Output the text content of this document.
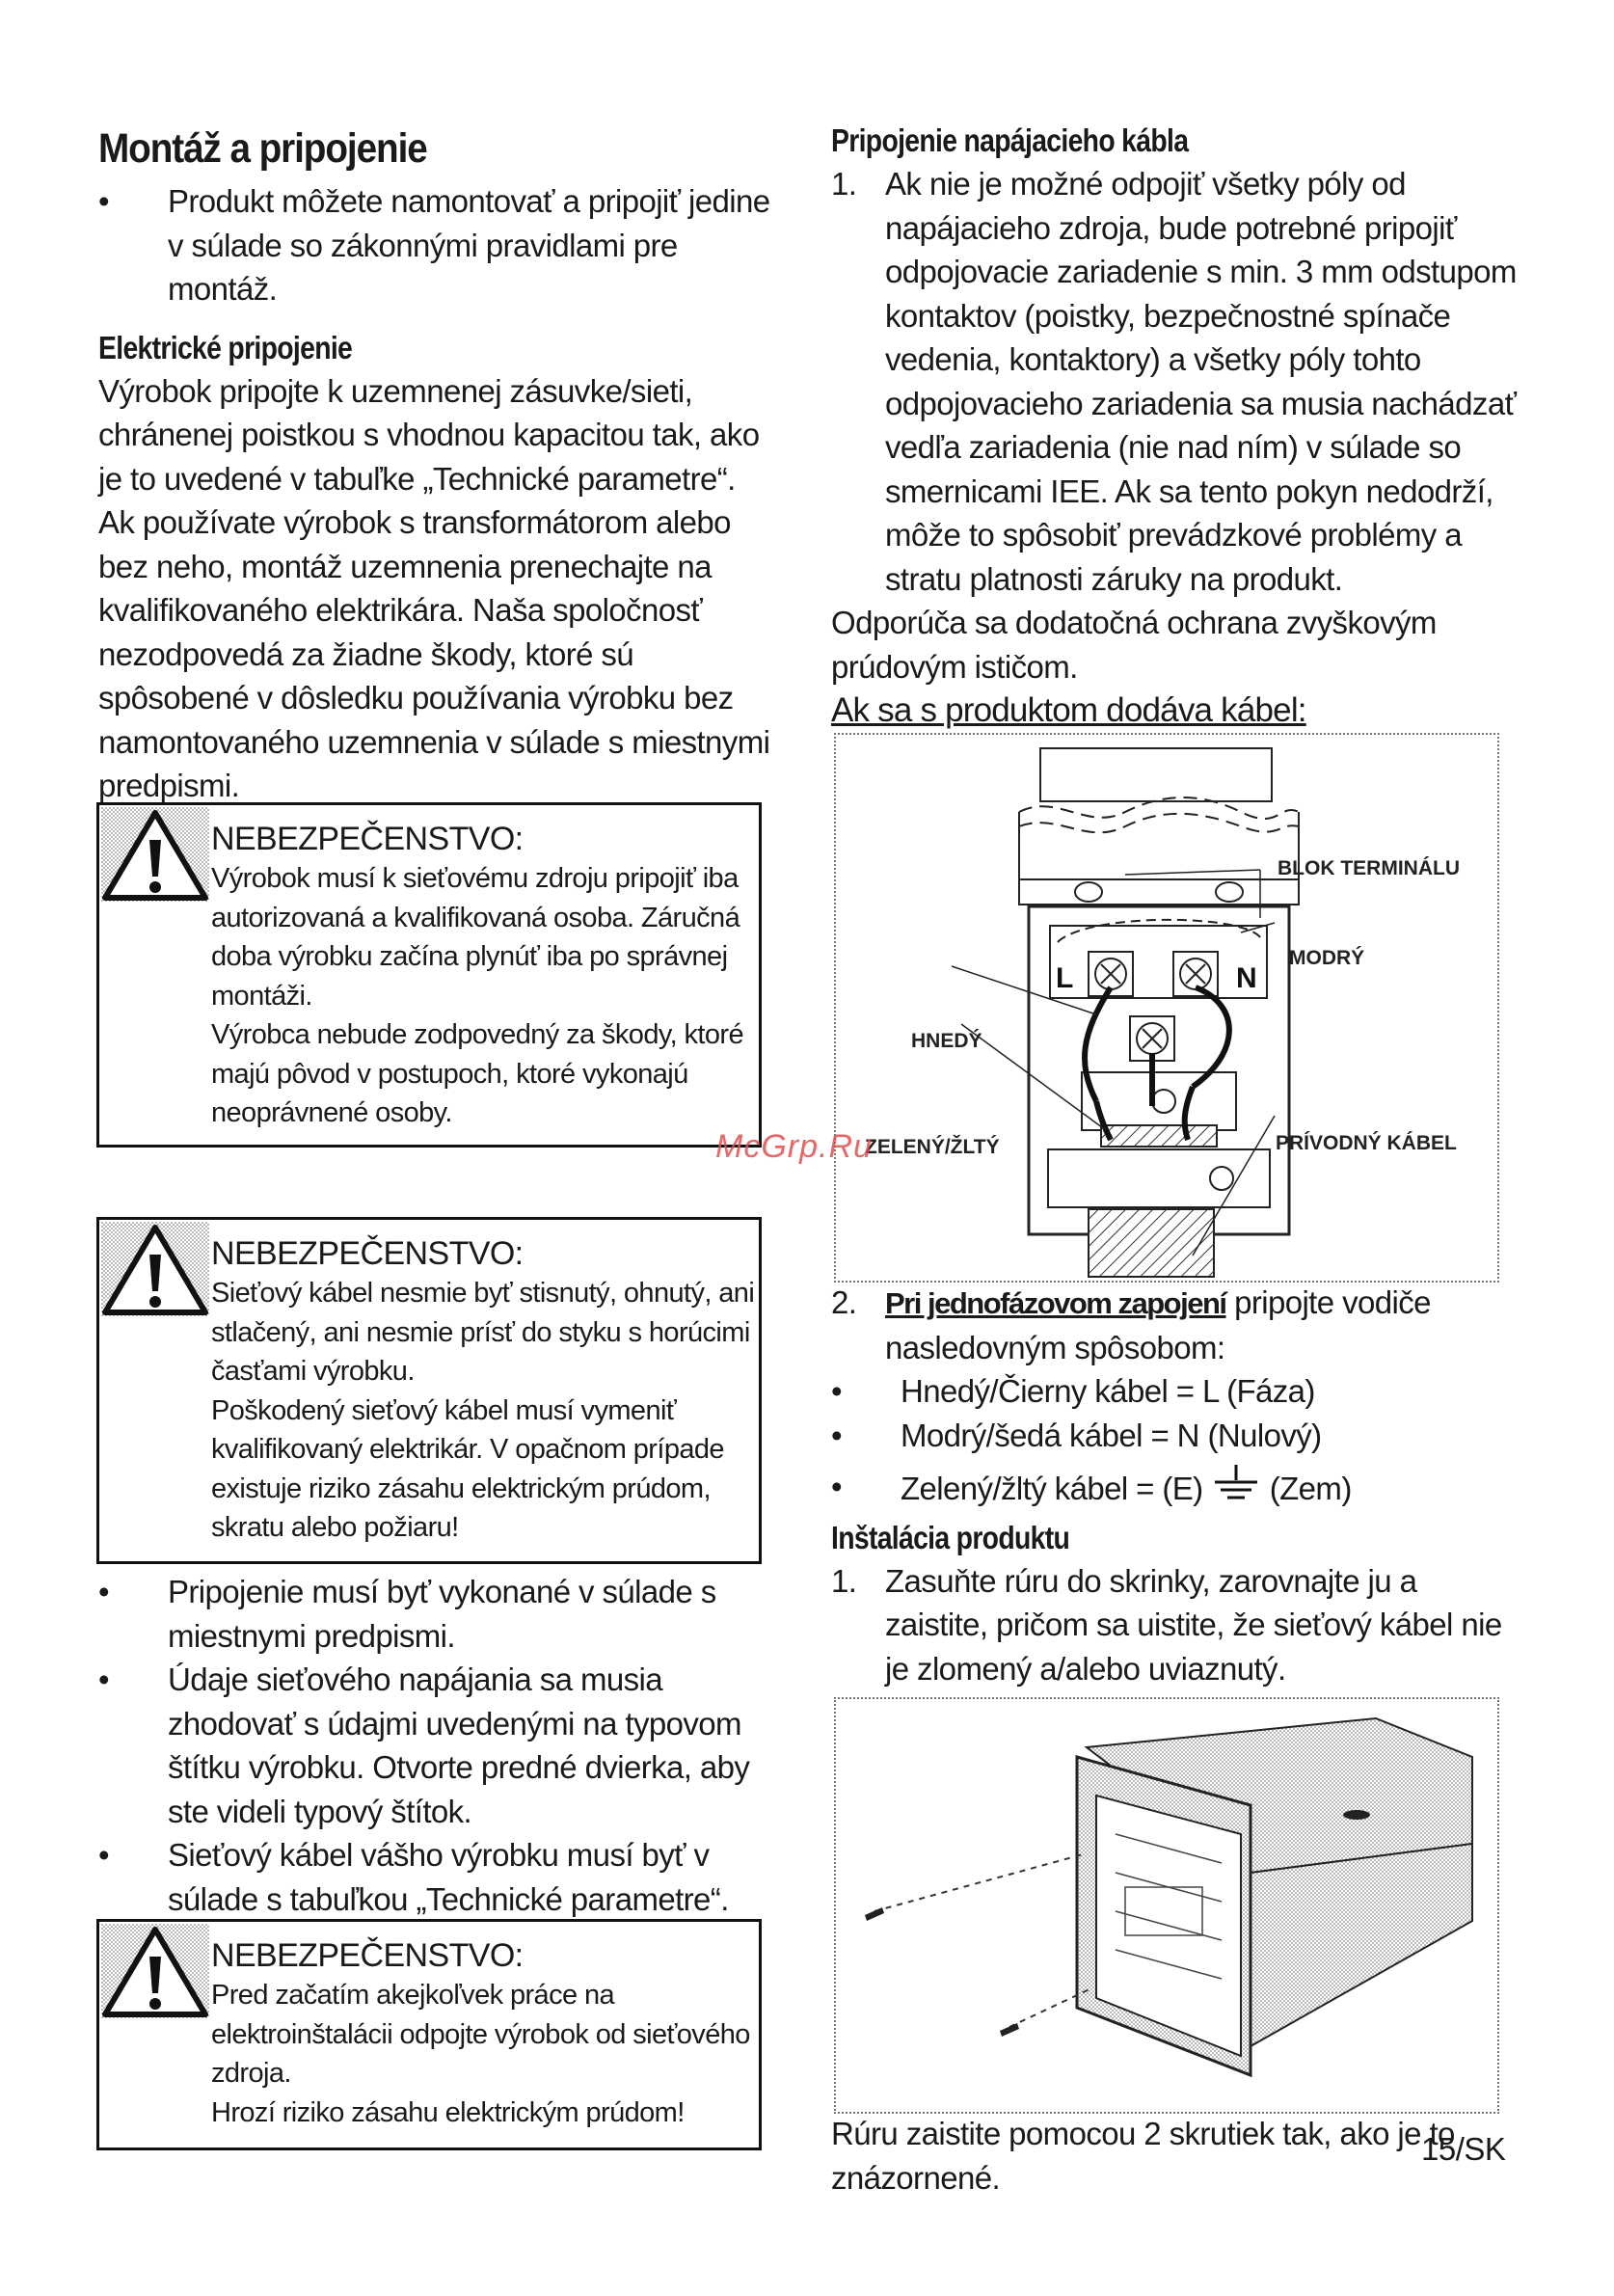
Montáž a pripojenie

• Produkt môžete namontovať a pripojiť jedine v súlade so zákonnými pravidlami pre montáž.

Elektrické pripojenie

Výrobok pripojte k uzemnenej zásuvke/sieti, chránenej poistkou s vhodnou kapacitou tak, ako je to uvedené v tabuľke „Technické parametre“. Ak používate výrobok s transformátorom alebo bez neho, montáž uzemnenia prenechajte na kvalifikovaného elektrikára. Naša spoločnosť nezodpovedá za žiadne škody, ktoré sú spôsobené v dôsledku používania výrobku bez namontovaného uzemnenia v súlade s miestnymi predpismi.

NEBEZPEČENSTVO:

Výrobok musí k sieťovému zdroju pripojiť iba autorizovaná a kvalifikovaná osoba. Záručná doba výrobku začína plynúť iba po správnej montáži.

Výrobca nebude zodpovedný za škody, ktoré majú pôvod v postupoch, ktoré vykonajú neoprávnené osoby.

NEBEZPEČENSTVO:

Sieťový kábel nesmie byť stisnutý, ohnutý, ani stlačený, ani nesmie prísť do styku s horúcimi časťami výrobku.

Poškodený sieťový kábel musí vymeniť kvalifikovaný elektrikár. V opačnom prípade existuje riziko zásahu elektrickým prúdom, skratu alebo požiaru!

• Pripojenie musí byť vykonané v súlade s miestnymi predpismi.

• Údaje sieťového napájania sa musia zhodovať s údajmi uvedenými na typovom štítku výrobku. Otvorte predné dvierka, aby ste videli typový štítok.

• Sieťový kábel vášho výrobku musí byť v súlade s tabuľkou „Technické parametre“.

NEBEZPEČENSTVO:

Pred začatím akejkoľvek práce na elektroinštalácii odpojte výrobok od sieťového zdroja.

Hrozí riziko zásahu elektrickým prúdom!

Pripojenie napájacieho kábla

1. Ak nie je možné odpojiť všetky póly od napájacieho zdroja, bude potrebné pripojiť odpojovacie zariadenie s min. 3 mm odstupom kontaktov (poistky, bezpečnostné spínače vedenia, kontaktory) a všetky póly tohto odpojovacieho zariadenia sa musia nachádzať vedľa zariadenia (nie nad ním) v súlade so smernicami IEE. Ak sa tento pokyn nedodrží, môže to spôsobiť prevádzkové problémy a stratu platnosti záruky na produkt.

Odporúča sa dodatočná ochrana zvyškovým prúdovým ističom.

Ak sa s produktom dodáva kábel:

L	N
BLOK TERMINÁLU
MODRÝ
HNEDÝ
ZELENÝ/ŽLTÝ	PRÍVODNÝ KÁBEL

2. Pri jednofázovom zapojení pripojte vodiče nasledovným spôsobom:

• Hnedý/Čierny kábel = L (Fáza)

• Modrý/šedá kábel = N (Nulový)

• Zelený/žltý kábel = (E) (Zem)

Inštalácia produktu

1. Zasuňte rúru do skrinky, zarovnajte ju a zaistite, pričom sa uistite, že sieťový kábel nie je zlomený a/alebo uviaznutý.

Rúru zaistite pomocou 2 skrutiek tak, ako je to znázornené.

McGrp.Ru
15/SK
